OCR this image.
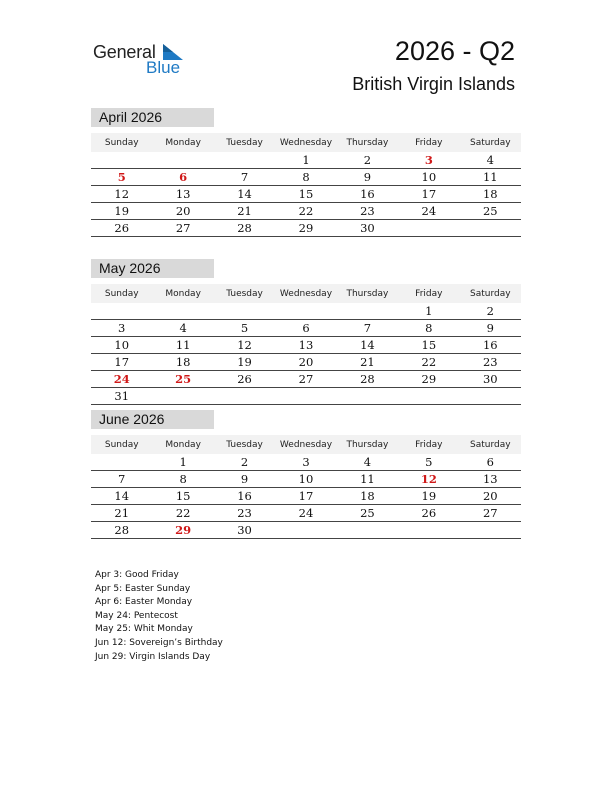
General
Blue
2026 - Q2
British Virgin Islands
April 2026
Sunday	Monday	Tuesday	Wednesday	Thursday	Friday	Saturday
			1	2	3	4
5	6	7	8	9	10	11
12	13	14	15	16	17	18
19	20	21	22	23	24	25
26	27	28	29	30		
May 2026
Sunday	Monday	Tuesday	Wednesday	Thursday	Friday	Saturday
					1	2
3	4	5	6	7	8	9
10	11	12	13	14	15	16
17	18	19	20	21	22	23
24	25	26	27	28	29	30
31						
June 2026
Sunday	Monday	Tuesday	Wednesday	Thursday	Friday	Saturday
	1	2	3	4	5	6
7	8	9	10	11	12	13
14	15	16	17	18	19	20
21	22	23	24	25	26	27
28	29	30				
Apr 3: Good Friday
Apr 5: Easter Sunday
Apr 6: Easter Monday
May 24: Pentecost
May 25: Whit Monday
Jun 12: Sovereign’s Birthday
Jun 29: Virgin Islands Day
